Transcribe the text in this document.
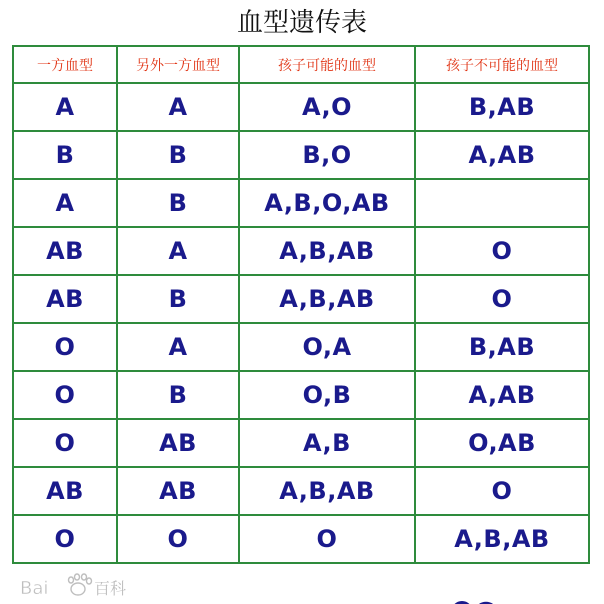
血型遗传表
一方血型	另外一方血型	孩子可能的血型	孩子不可能的血型
A	A	A,O	B,AB
B	B	B,O	A,AB
A	B	A,B,O,AB	
AB	A	A,B,AB	O
AB	B	A,B,AB	O
O	A	O,A	B,AB
O	B	O,B	A,AB
O	AB	A,B	O,AB
AB	AB	A,B,AB	O
O	O	O	A,B,AB
Bai	百科
